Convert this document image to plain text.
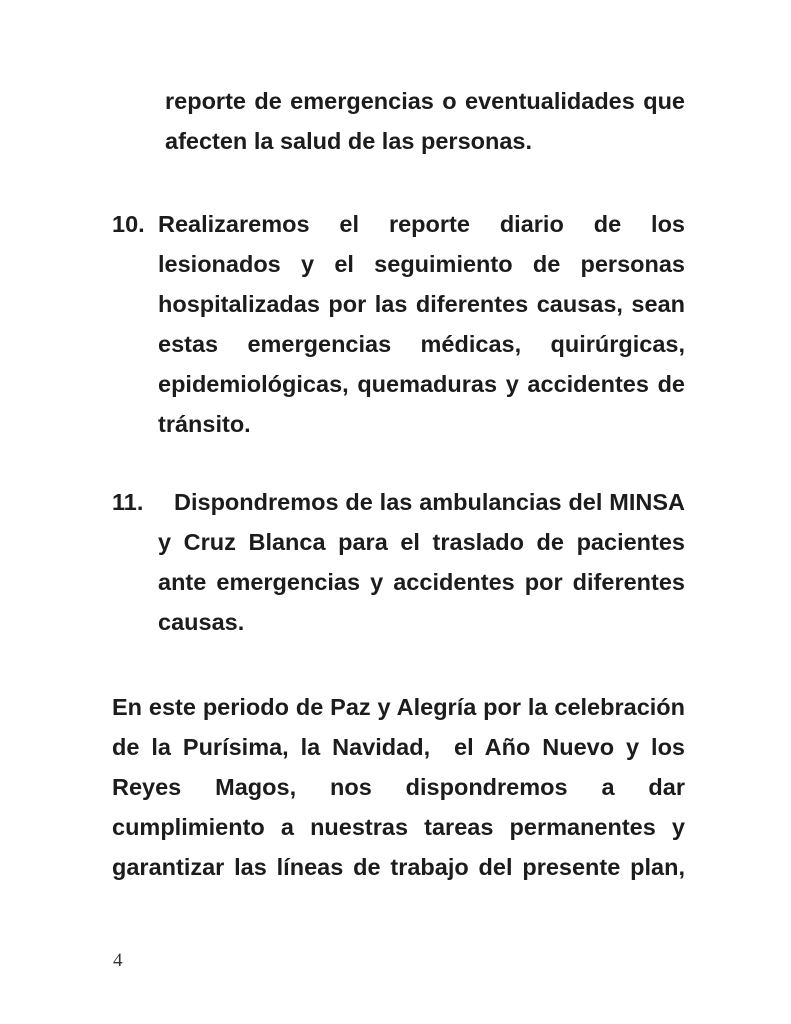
reporte de emergencias o eventualidades que
afecten la salud de las personas.
10. Realizaremos el reporte diario de los
lesionados y el seguimiento de personas
hospitalizadas por las diferentes causas, sean
estas emergencias médicas, quirúrgicas,
epidemiológicas, quemaduras y accidentes de
tránsito.
11.	Dispondremos de las ambulancias del MINSA
y Cruz Blanca para el traslado de pacientes
ante emergencias y accidentes por diferentes
causas.
En este periodo de Paz y Alegría por la celebración
de la Purísima, la Navidad,  el Año Nuevo y los
Reyes Magos, nos dispondremos a dar
cumplimiento a nuestras tareas permanentes y
garantizar las líneas de trabajo del presente plan,
4
